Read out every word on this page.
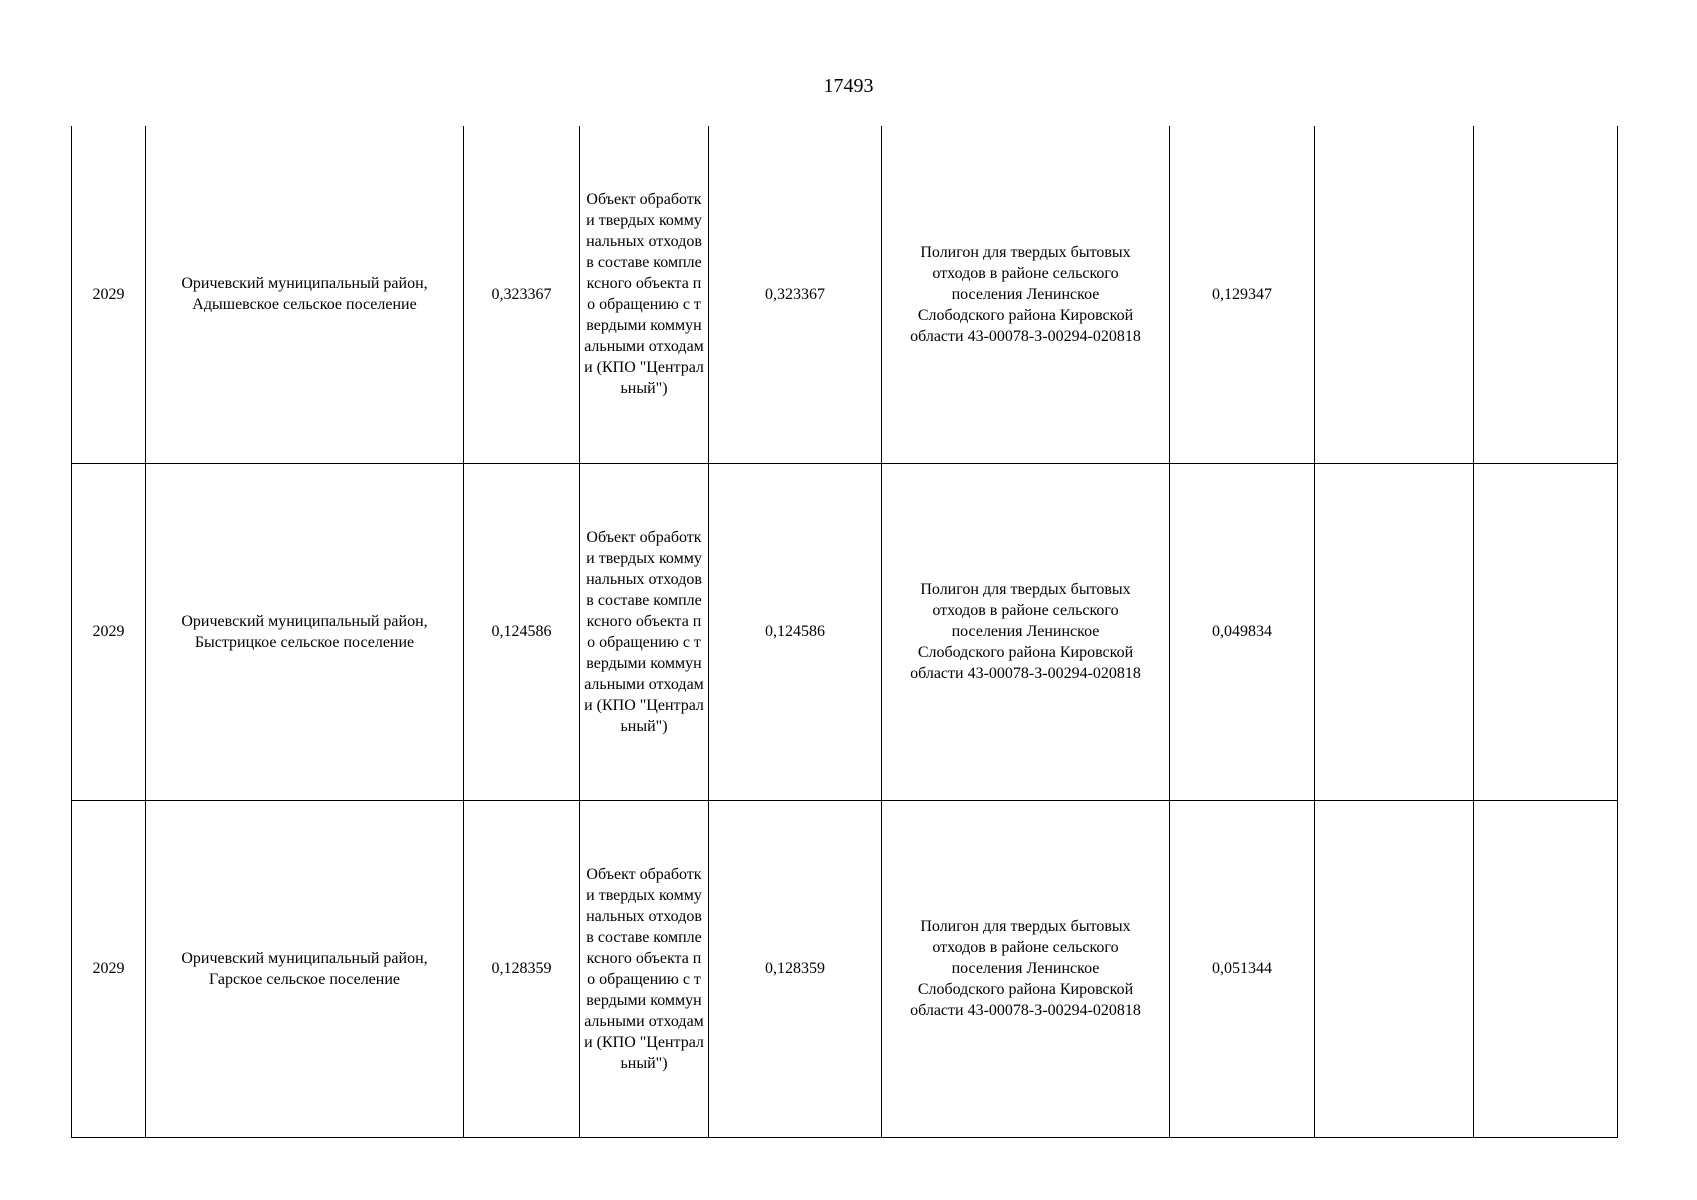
17493
2029	Оричевский муниципальный район,
Адышевское сельское поселение	0,323367	Объект обработки твердых коммунальных отходов в составе комплексного объекта по обращению с твердыми коммунальными отходами (КПО "Центральный")	0,323367	Полигон для твердых бытовых
отходов в районе сельского
поселения Ленинское
Слободского района Кировской
области 43-00078-З-00294-020818	0,129347		
2029	Оричевский муниципальный район,
Быстрицкое сельское поселение	0,124586	Объект обработки твердых коммунальных отходов в составе комплексного объекта по обращению с твердыми коммунальными отходами (КПО "Центральный")	0,124586	Полигон для твердых бытовых
отходов в районе сельского
поселения Ленинское
Слободского района Кировской
области 43-00078-З-00294-020818	0,049834		
2029	Оричевский муниципальный район,
Гарское сельское поселение	0,128359	Объект обработки твердых коммунальных отходов в составе комплексного объекта по обращению с твердыми коммунальными отходами (КПО "Центральный")	0,128359	Полигон для твердых бытовых
отходов в районе сельского
поселения Ленинское
Слободского района Кировской
области 43-00078-З-00294-020818	0,051344		
